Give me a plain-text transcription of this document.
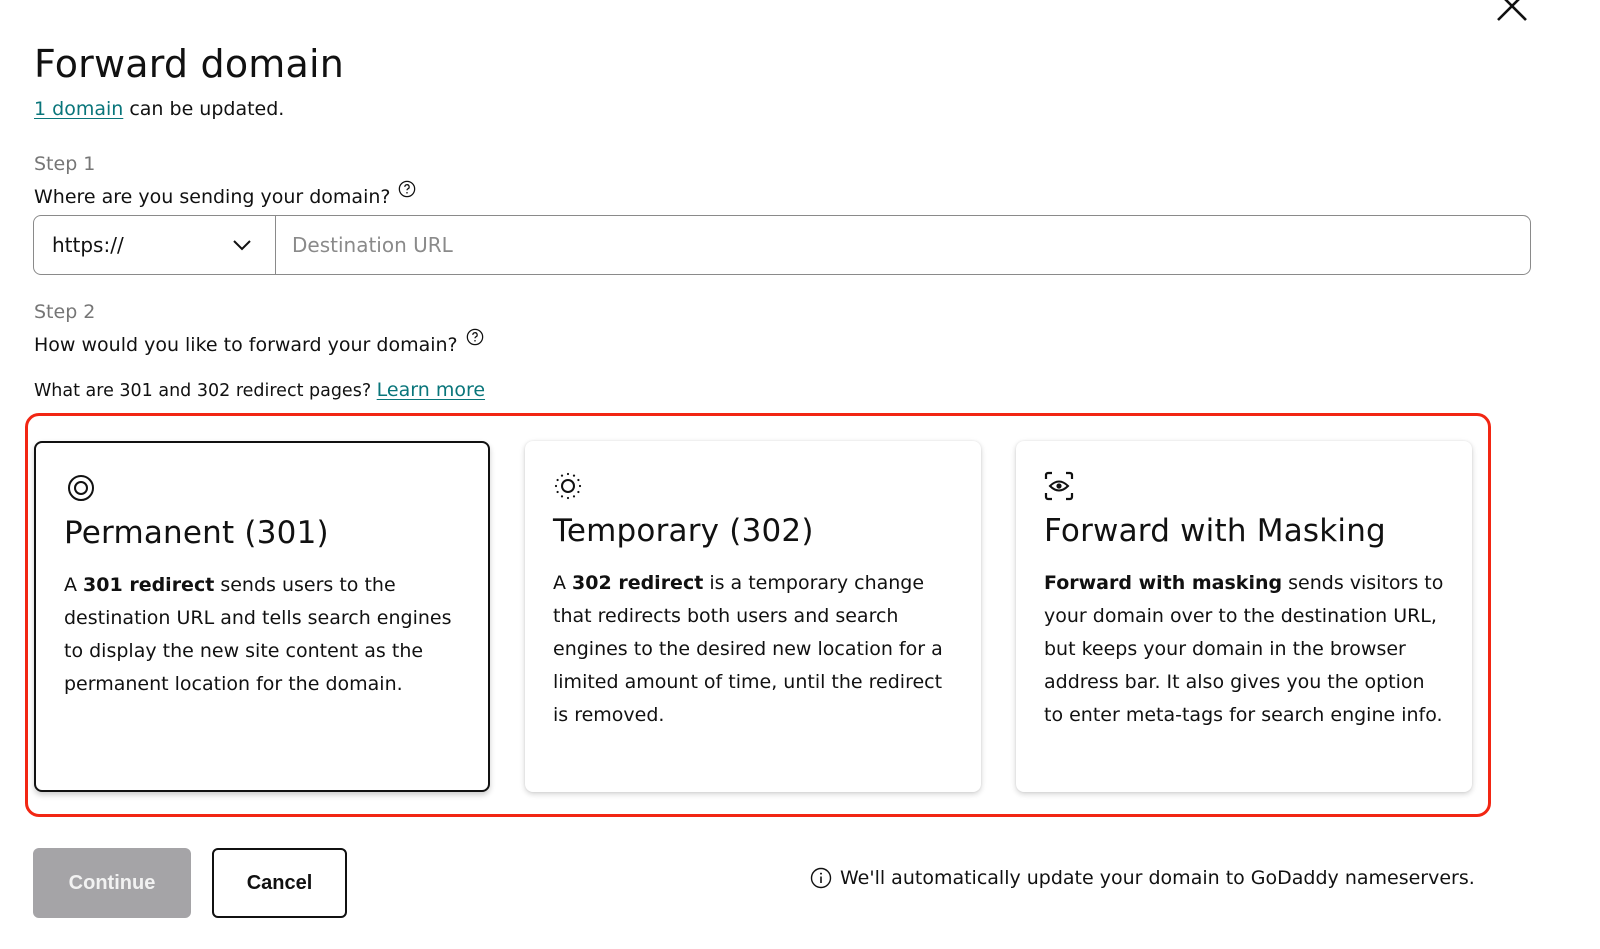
Forward domain
1 domain can be updated.
Step 1
Where are you sending your domain?
https://
Destination URL
Step 2
How would you like to forward your domain?
What are 301 and 302 redirect pages? Learn more
Permanent (301)
A 301 redirect sends users to the destination URL and tells search engines to display the new site content as the permanent location for the domain.
Temporary (302)
A 302 redirect is a temporary change that redirects both users and search engines to the desired new location for a limited amount of time, until the redirect is removed.
Forward with Masking
Forward with masking sends visitors to your domain over to the destination URL, but keeps your domain in the browser address bar. It also gives you the option to enter meta-tags for search engine info.
Continue	Cancel	We'll automatically update your domain to GoDaddy nameservers.
